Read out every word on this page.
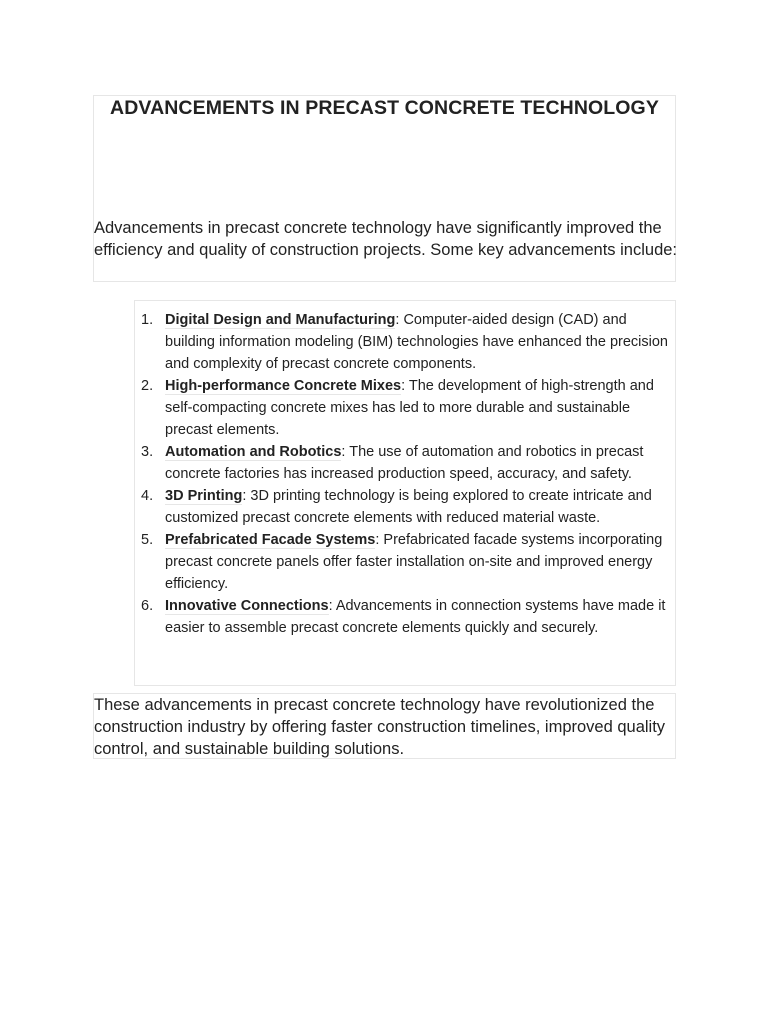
ADVANCEMENTS IN PRECAST CONCRETE TECHNOLOGY

Advancements in precast concrete technology have significantly improved the efficiency and quality of construction projects. Some key advancements include:

1. Digital Design and Manufacturing: Computer-aided design (CAD) and building information modeling (BIM) technologies have enhanced the precision and complexity of precast concrete components.
2. High-performance Concrete Mixes: The development of high-strength and self-compacting concrete mixes has led to more durable and sustainable precast elements.
3. Automation and Robotics: The use of automation and robotics in precast concrete factories has increased production speed, accuracy, and safety.
4. 3D Printing: 3D printing technology is being explored to create intricate and customized precast concrete elements with reduced material waste.
5. Prefabricated Facade Systems: Prefabricated facade systems incorporating precast concrete panels offer faster installation on-site and improved energy efficiency.
6. Innovative Connections: Advancements in connection systems have made it easier to assemble precast concrete elements quickly and securely.

These advancements in precast concrete technology have revolutionized the construction industry by offering faster construction timelines, improved quality control, and sustainable building solutions.
